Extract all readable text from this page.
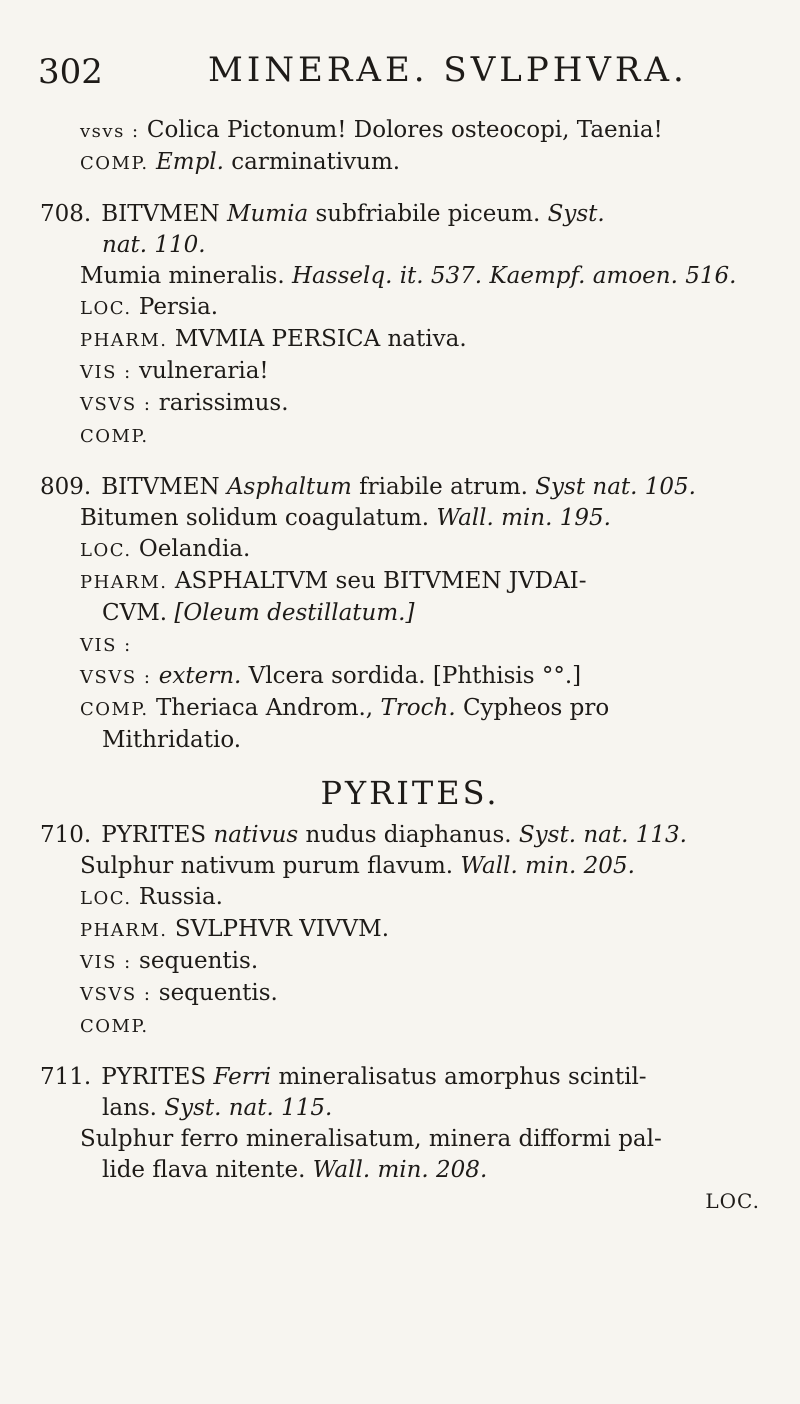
302	MINERAE. SVLPHVRA.
vsvs : Colica Pictonum! Dolores osteocopi, Taenia!
COMP. Empl. carminativum.
708. BITVMEN Mumia subfriabile piceum. Syst.
nat. 110.
Mumia mineralis. Hasselq. it. 537. Kaempf. amoen. 516.
LOC. Persia.
PHARM. MVMIA PERSICA nativa.
VIS : vulneraria!
VSVS : rarissimus.
COMP.
809. BITVMEN Asphaltum friabile atrum. Syst nat. 105.
Bitumen solidum coagulatum. Wall. min. 195.
LOC. Oelandia.
PHARM. ASPHALTVM seu BITVMEN JVDAI-
CVM. [Oleum destillatum.]
VIS :
VSVS : extern. Vlcera sordida. [Phthisis °°.]
COMP. Theriaca Androm., Troch. Cypheos pro
Mithridatio.
PYRITES.
710. PYRITES nativus nudus diaphanus. Syst. nat. 113.
Sulphur nativum purum flavum. Wall. min. 205.
LOC. Russia.
PHARM. SVLPHVR VIVVM.
VIS : sequentis.
VSVS : sequentis.
COMP.
711. PYRITES Ferri mineralisatus amorphus scintil-
lans. Syst. nat. 115.
Sulphur ferro mineralisatum, minera difformi pal-
lide flava nitente. Wall. min. 208.
LOC.
